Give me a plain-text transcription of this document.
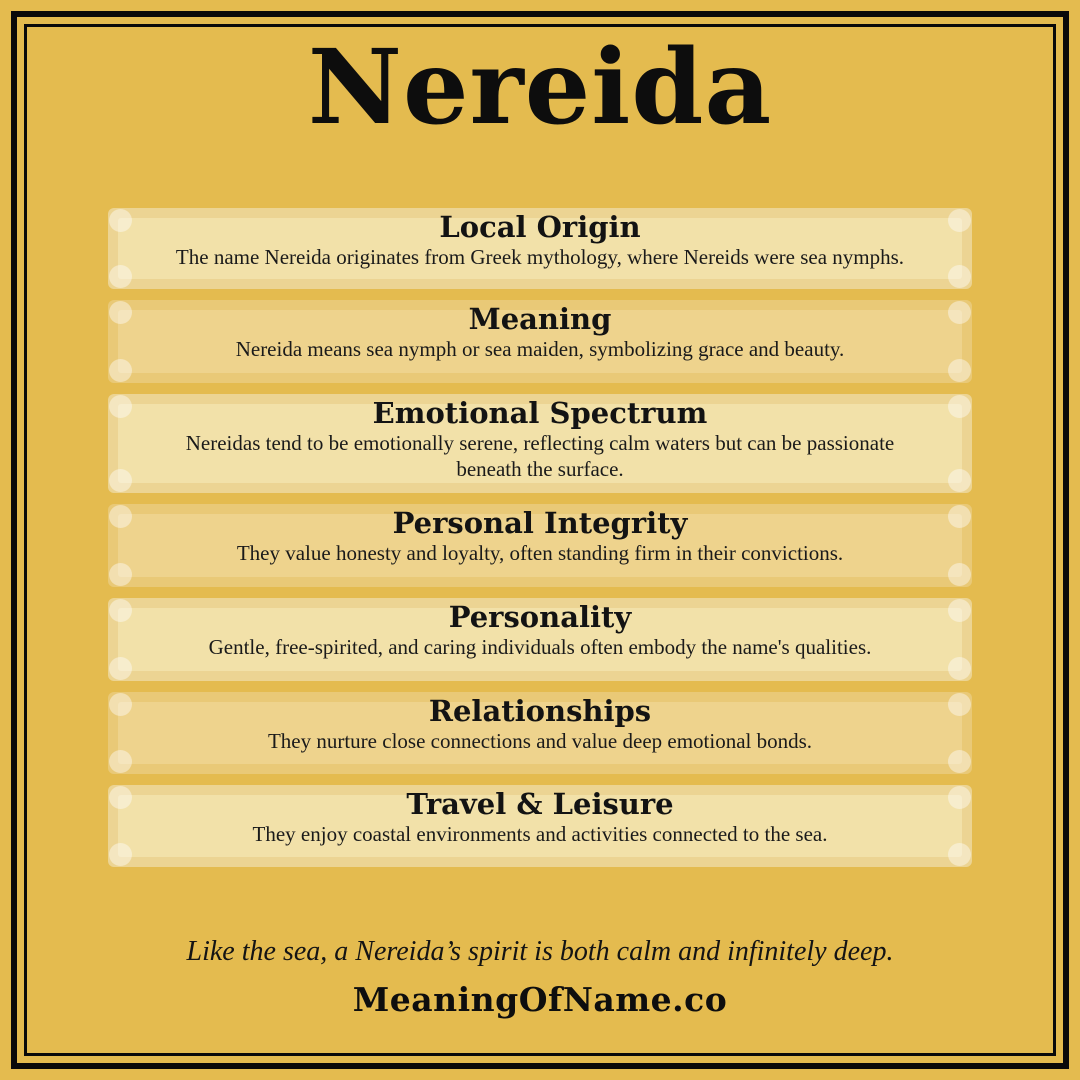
Nereida
Local Origin

The name Nereida originates from Greek mythology, where Nereids were sea nymphs.

Meaning

Nereida means sea nymph or sea maiden, symbolizing grace and beauty.

Emotional Spectrum

Nereidas tend to be emotionally serene, reflecting calm waters but can be passionate beneath the surface.

Personal Integrity

They value honesty and loyalty, often standing firm in their convictions.

Personality

Gentle, free-spirited, and caring individuals often embody the name's qualities.

Relationships

They nurture close connections and value deep emotional bonds.

Travel & Leisure

They enjoy coastal environments and activities connected to the sea.

Like the sea, a Nereida’s spirit is both calm and infinitely deep.

MeaningOfName.co
